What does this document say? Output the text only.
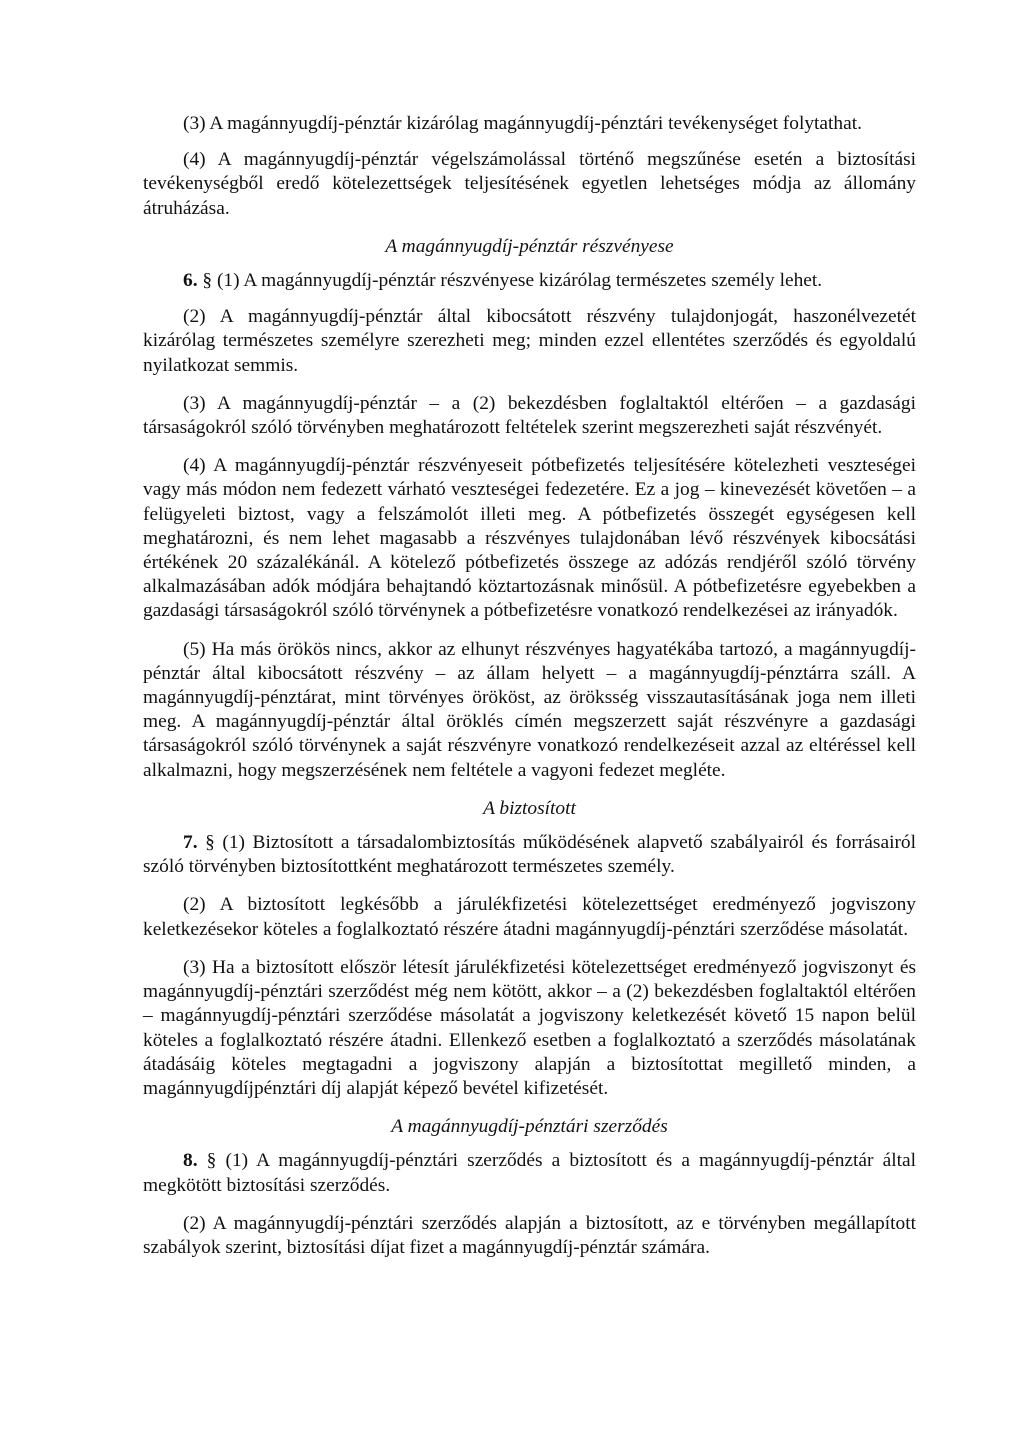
(3) A magánnyugdíj-pénztár kizárólag magánnyugdíj-pénztári tevékenységet folytathat.

(4) A magánnyugdíj-pénztár végelszámolással történő megszűnése esetén a biztosítási tevékenységből eredő kötelezettségek teljesítésének egyetlen lehetséges módja az állomány átruházása.

A magánnyugdíj-pénztár részvényese

6. § (1) A magánnyugdíj-pénztár részvényese kizárólag természetes személy lehet.

(2) A magánnyugdíj-pénztár által kibocsátott részvény tulajdonjogát, haszonélvezetét kizárólag természetes személyre szerezheti meg; minden ezzel ellentétes szerződés és egyoldalú nyilatkozat semmis.

(3) A magánnyugdíj-pénztár – a (2) bekezdésben foglaltaktól eltérően – a gazdasági társaságokról szóló törvényben meghatározott feltételek szerint megszerezheti saját részvényét.

(4) A magánnyugdíj-pénztár részvényeseit pótbefizetés teljesítésére kötelezheti veszteségei vagy más módon nem fedezett várható veszteségei fedezetére. Ez a jog – kinevezését követően – a felügyeleti biztost, vagy a felszámolót illeti meg. A pótbefizetés összegét egységesen kell meghatározni, és nem lehet magasabb a részvényes tulajdonában lévő részvények kibocsátási értékének 20 százalékánál. A kötelező pótbefizetés összege az adózás rendjéről szóló törvény alkalmazásában adók módjára behajtandó köztartozásnak minősül. A pótbefizetésre egyebekben a gazdasági társaságokról szóló törvénynek a pótbefizetésre vonatkozó rendelkezései az irányadók.

(5) Ha más örökös nincs, akkor az elhunyt részvényes hagyatékába tartozó, a magánnyugdíj-pénztár által kibocsátott részvény – az állam helyett – a magánnyugdíj-pénztárra száll. A magánnyugdíj-pénztárat, mint törvényes örököst, az öröksség visszautasításának joga nem illeti meg. A magánnyugdíj-pénztár által öröklés címén megszerzett saját részvényre a gazdasági társaságokról szóló törvénynek a saját részvényre vonatkozó rendelkezéseit azzal az eltéréssel kell alkalmazni, hogy megszerzésének nem feltétele a vagyoni fedezet megléte.

A biztosított

7. § (1) Biztosított a társadalombiztosítás működésének alapvető szabályairól és forrásairól szóló törvényben biztosítottként meghatározott természetes személy.

(2) A biztosított legkésőbb a járulékfizetési kötelezettséget eredményező jogviszony keletkezésekor köteles a foglalkoztató részére átadni magánnyugdíj-pénztári szerződése másolatát.

(3) Ha a biztosított először létesít járulékfizetési kötelezettséget eredményező jogviszonyt és magánnyugdíj-pénztári szerződést még nem kötött, akkor – a (2) bekezdésben foglaltaktól eltérően – magánnyugdíj-pénztári szerződése másolatát a jogviszony keletkezését követő 15 napon belül köteles a foglalkoztató részére átadni. Ellenkező esetben a foglalkoztató a szerződés másolatának átadásáig köteles megtagadni a jogviszony alapján a biztosítottat megillető minden, a magánnyugdíjpénztári díj alapját képező bevétel kifizetését.

A magánnyugdíj-pénztári szerződés

8. § (1) A magánnyugdíj-pénztári szerződés a biztosított és a magánnyugdíj-pénztár által megkötött biztosítási szerződés.

(2) A magánnyugdíj-pénztári szerződés alapján a biztosított, az e törvényben megállapított szabályok szerint, biztosítási díjat fizet a magánnyugdíj-pénztár számára.
